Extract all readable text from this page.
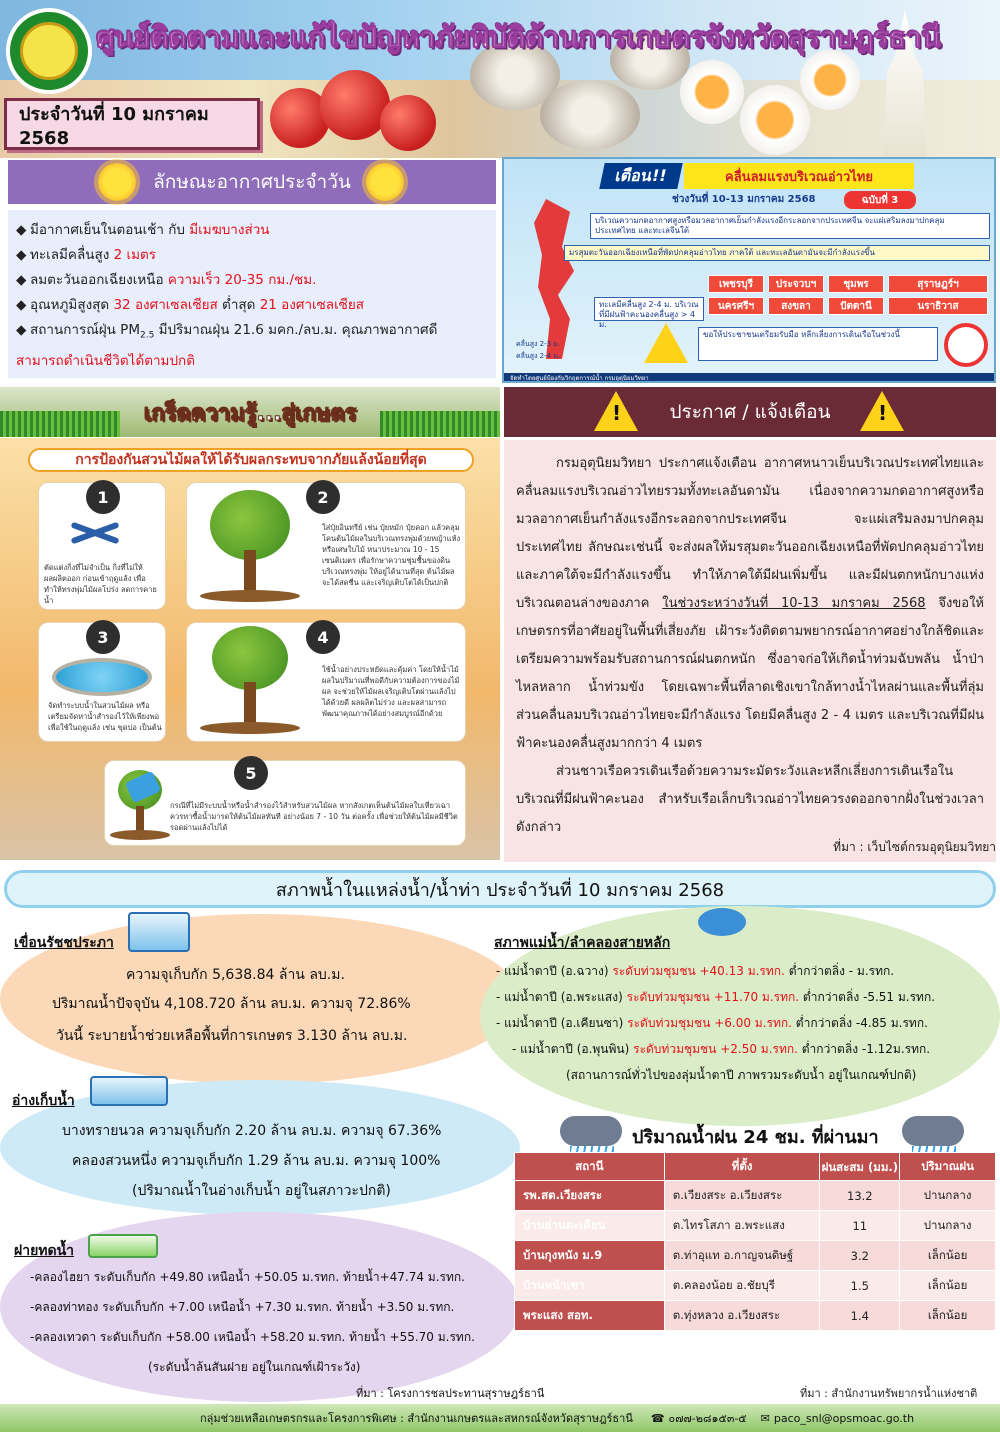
ศูนย์ติดตามและแก้ไขปัญหาภัยพิบัติด้านการเกษตรจังหวัดสุราษฎร์ธานี
ประจำวันที่ 10 มกราคม 2568
ลักษณะอากาศประจำวัน
◆ มีอากาศเย็นในตอนเช้า กับ มีเมฆบางส่วน
◆ ทะเลมีคลื่นสูง 2 เมตร
◆ ลมตะวันออกเฉียงเหนือ ความเร็ว 20-35 กม./ชม.
◆ อุณหภูมิสูงสุด 32 องศาเซลเซียส ต่ำสุด 21 องศาเซลเซียส
◆ สถานการณ์ฝุ่น $PM_{2.5}$ มีปริมาณฝุ่น 21.6 มคก./ลบ.ม. คุณภาพอากาศดี
สามารถดำเนินชีวิตได้ตามปกติ
เตือน!!	คลื่นลมแรงบริเวณอ่าวไทย
ช่วงวันที่ 10-13 มกราคม 2568	ฉบับที่ 3
บริเวณความกดอากาศสูงหรือมวลอากาศเย็นกำลังแรงอีกระลอกจากประเทศจีน จะแผ่เสริมลงมาปกคลุมประเทศไทย และทะเลจีนใต้
มรสุมตะวันออกเฉียงเหนือที่พัดปกคลุมอ่าวไทย ภาคใต้ และทะเลอันดามันจะมีกำลังแรงขึ้น
ทะเลมีคลื่นสูง 2-4 ม. บริเวณที่มีฝนฟ้าคะนองคลื่นสูง > 4 ม.
เพชรบุรี	ประจวบฯ	ชุมพร	สุราษฎร์ฯ
นครศรีฯ	สงขลา	ปัตตานี	นราธิวาส
ขอให้ประชาชนเตรียมรับมือ หลีกเลี่ยงการเดินเรือในช่วงนี้
คลื่นสูง 2-3 ม.
คลื่นสูง 2-4 ม.
จัดทำโดยศูนย์ป้องกันวิกฤตการณ์น้ำ กรมอุตุนิยมวิทยา
เกร็ดความรู้...สู่เกษตร
การป้องกันสวนไม้ผลให้ได้รับผลกระทบจากภัยแล้งน้อยที่สุด
1
ตัดแต่งกิ่งที่ไม่จำเป็น กิ่งที่ไม่ให้ผลผลิตออก ก่อนเข้าฤดูแล้ง เพื่อทำให้ทรงพุ่มไม้ผลโปร่ง ลดการคายน้ำ
2
ใส่ปุ๋ยอินทรีย์ เช่น ปุ๋ยหมัก ปุ๋ยคอก แล้วคลุมโคนต้นไม้ผลในบริเวณทรงพุ่มด้วยหญ้าแห้งหรือเศษใบไม้ หนาประมาณ 10 - 15 เซนติเมตร เพื่อรักษาความชุ่มชื้นของดินบริเวณทรงพุ่ม ให้อยู่ได้นานที่สุด ต้นไม้ผลจะได้สดชื่น และเจริญเติบโตได้เป็นปกติ
3
จัดทำระบบน้ำในสวนไม้ผล หรือเตรียมจัดหาน้ำสำรองไว้ให้เพียงพอ เพื่อใช้ในฤดูแล้ง เช่น ขุดบ่อ เป็นต้น
4
ใช้น้ำอย่างประหยัดและคุ้มค่า โดยให้น้ำไม้ผลในปริมาณที่พอดีกับความต้องการของไม้ผล จะช่วยให้ไม้ผลเจริญเติบโตผ่านแล้งไปได้ด้วยดี ผลผลิตไม่ร่วง และผลสามารถพัฒนาคุณภาพได้อย่างสมบูรณ์อีกด้วย
5
กรณีที่ไม่มีระบบน้ำหรือน้ำสำรองไว้สำหรับสวนไม้ผล หากสังเกตเห็นต้นไม้ผลใบเหี่ยวเฉา ควรหาซื้อน้ำมารดให้ต้นไม้ผลทันที อย่างน้อย 7 - 10 วัน ต่อครั้ง เพื่อช่วยให้ต้นไม้ผลมีชีวิตรอดผ่านแล้งไปได้
!	ประกาศ / แจ้งเตือน !

กรมอุตุนิยมวิทยา ประกาศแจ้งเตือน อากาศหนาวเย็นบริเวณประเทศไทยและคลื่นลมแรงบริเวณอ่าวไทยรวมทั้งทะเลอันดามัน เนื่องจากความกดอากาศสูงหรือมวลอากาศเย็นกำลังแรงอีกระลอกจากประเทศจีน จะแผ่เสริมลงมาปกคลุมประเทศไทย ลักษณะเช่นนี้ จะส่งผลให้มรสุมตะวันออกเฉียงเหนือที่พัดปกคลุมอ่าวไทยและภาคใต้จะมีกำลังแรงขึ้น ทำให้ภาคใต้มีฝนเพิ่มขึ้น และมีฝนตกหนักบางแห่งบริเวณตอนล่างของภาค ในช่วงระหว่างวันที่ 10-13 มกราคม 2568 จึงขอให้เกษตรกรที่อาศัยอยู่ในพื้นที่เสี่ยงภัย เฝ้าระวังติดตามพยากรณ์อากาศอย่างใกล้ชิดและเตรียมความพร้อมรับสถานการณ์ฝนตกหนัก ซึ่งอาจก่อให้เกิดน้ำท่วมฉับพลัน น้ำป่าไหลหลาก น้ำท่วมขัง โดยเฉพาะพื้นที่ลาดเชิงเขาใกล้ทางน้ำไหลผ่านและพื้นที่ลุ่ม ส่วนคลื่นลมบริเวณอ่าวไทยจะมีกำลังแรง โดยมีคลื่นสูง 2 - 4 เมตร และบริเวณที่มีฝนฟ้าคะนองคลื่นสูงมากกว่า 4 เมตร

ส่วนชาวเรือควรเดินเรือด้วยความระมัดระวังและหลีกเลี่ยงการเดินเรือในบริเวณที่มีฝนฟ้าคะนอง สำหรับเรือเล็กบริเวณอ่าวไทยควรงดออกจากฝั่งในช่วงเวลาดังกล่าว

ที่มา : เว็บไซต์กรมอุตุนิยมวิทยา
สภาพน้ำในแหล่งน้ำ/น้ำท่า ประจำวันที่ 10 มกราคม 2568
เขื่อนรัชชประภา
ความจุเก็บกัก 5,638.84 ล้าน ลบ.ม.
ปริมาณน้ำปัจจุบัน 4,108.720 ล้าน ลบ.ม. ความจุ 72.86%
วันนี้ ระบายน้ำช่วยเหลือพื้นที่การเกษตร 3.130 ล้าน ลบ.ม.
อ่างเก็บน้ำ
บางทรายนวล ความจุเก็บกัก 2.20 ล้าน ลบ.ม. ความจุ 67.36%
คลองสวนหนึ่ง ความจุเก็บกัก 1.29 ล้าน ลบ.ม. ความจุ 100%
(ปริมาณน้ำในอ่างเก็บน้ำ อยู่ในสภาวะปกติ)
ฝายทดน้ำ
-คลองไฮยา ระดับเก็บกัก +49.80 เหนือน้ำ +50.05 ม.รทก. ท้ายน้ำ+47.74 ม.รทก.
-คลองท่าทอง ระดับเก็บกัก +7.00 เหนือน้ำ +7.30 ม.รทก. ท้ายน้ำ +3.50 ม.รทก.
-คลองเทวดา ระดับเก็บกัก +58.00 เหนือน้ำ +58.20 ม.รทก. ท้ายน้ำ +55.70 ม.รทก.
(ระดับน้ำล้นสันฝาย อยู่ในเกณฑ์เฝ้าระวัง)
ที่มา : โครงการชลประทานสุราษฎร์ธานี
สภาพแม่น้ำ/ลำคลองสายหลัก
- แม่น้ำตาปี (อ.ฉวาง) ระดับท่วมชุมชน +40.13 ม.รทก. ต่ำกว่าตลิ่ง - ม.รทก.
- แม่น้ำตาปี (อ.พระแสง) ระดับท่วมชุมชน +11.70 ม.รทก. ต่ำกว่าตลิ่ง -5.51 ม.รทก.
- แม่น้ำตาปี (อ.เคียนซา) ระดับท่วมชุมชน +6.00 ม.รทก. ต่ำกว่าตลิ่ง -4.85 ม.รทก.
- แม่น้ำตาปี (อ.พุนพิน) ระดับท่วมชุมชน +2.50 ม.รทก. ต่ำกว่าตลิ่ง -1.12ม.รทก.
(สถานการณ์ทั่วไปของลุ่มน้ำตาปี ภาพรวมระดับน้ำ อยู่ในเกณฑ์ปกติ)
ปริมาณน้ำฝน 24 ชม. ที่ผ่านมา
สถานี	ที่ตั้ง	ฝนสะสม (มม.)	ปริมาณฝน
รพ.สต.เวียงสระ	ต.เวียงสระ อ.เวียงสระ	13.2	ปานกลาง
บ้านย่านตะเคียน	ต.ไทรโสภา อ.พระแสง	11	ปานกลาง
บ้านกุงหนัง ม.9	ต.ท่าอุแท อ.กาญจนดิษฐ์	3.2	เล็กน้อย
บ้านหน้าเขา	ต.คลองน้อย อ.ชัยบุรี	1.5	เล็กน้อย
พระแสง สอท.	ต.ทุ่งหลวง อ.เวียงสระ	1.4	เล็กน้อย
ที่มา : สำนักงานทรัพยากรน้ำแห่งชาติ
กลุ่มช่วยเหลือเกษตรกรและโครงการพิเศษ : สำนักงานเกษตรและสหกรณ์จังหวัดสุราษฎร์ธานี ☎ ๐๗๗-๒๘๑๕๓-๕ ✉ paco_snl@opsmoac.go.th
